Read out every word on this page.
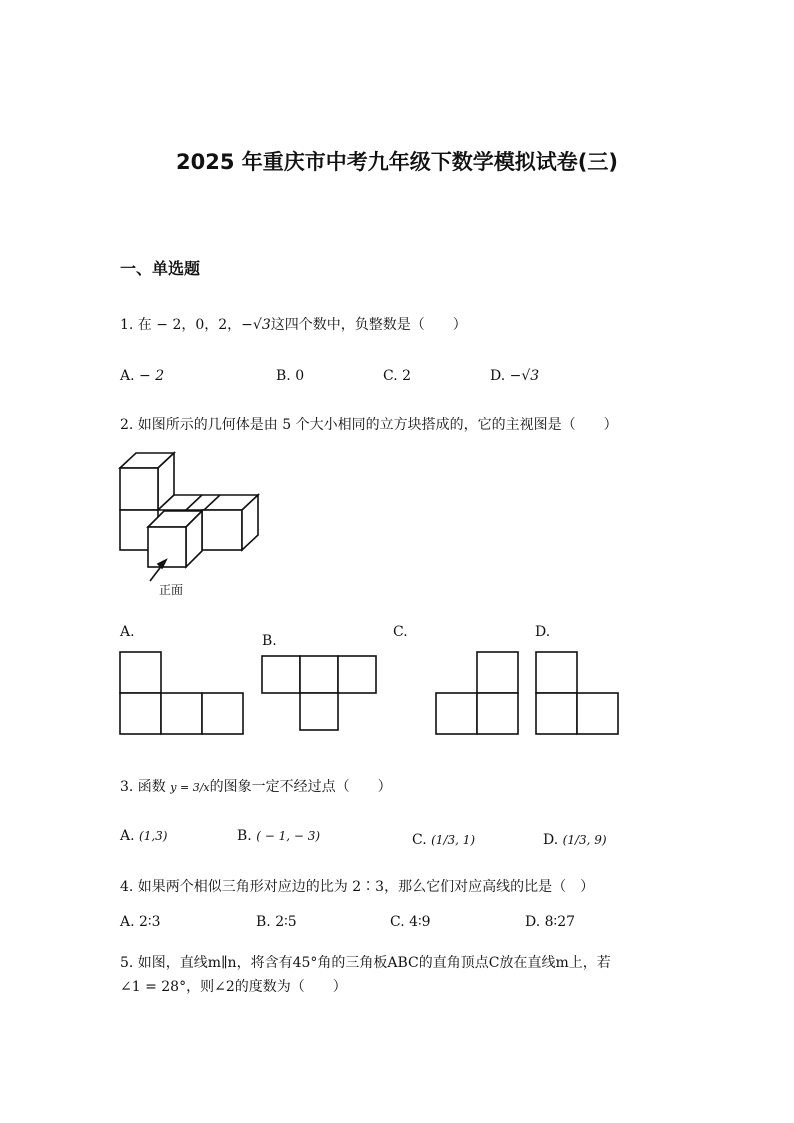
2025 年重庆市中考九年级下数学模拟试卷(三)
一、单选题
1. 在 − 2，0，2，−√3这四个数中，负整数是（　　）
A. − 2	B. 0	C. 2	D. −√3
2. 如图所示的几何体是由 5 个大小相同的立方块搭成的，它的主视图是（　　）
正面
A.
B.
C.	D.
3. 函数 y = 3/x的图象一定不经过点（　　）
A. (1,3)	B. ( − 1, − 3)	C. (1/3, 1)	D. (1/3, 9)
4. 如果两个相似三角形对应边的比为 2∶3，那么它们对应高线的比是（　）
A. 2∶3	B. 2∶5	C. 4∶9	D. 8∶27
5. 如图，直线m∥n，将含有45°角的三角板ABC的直角顶点C放在直线m上，若
∠1 = 28°，则∠2的度数为（　　）
